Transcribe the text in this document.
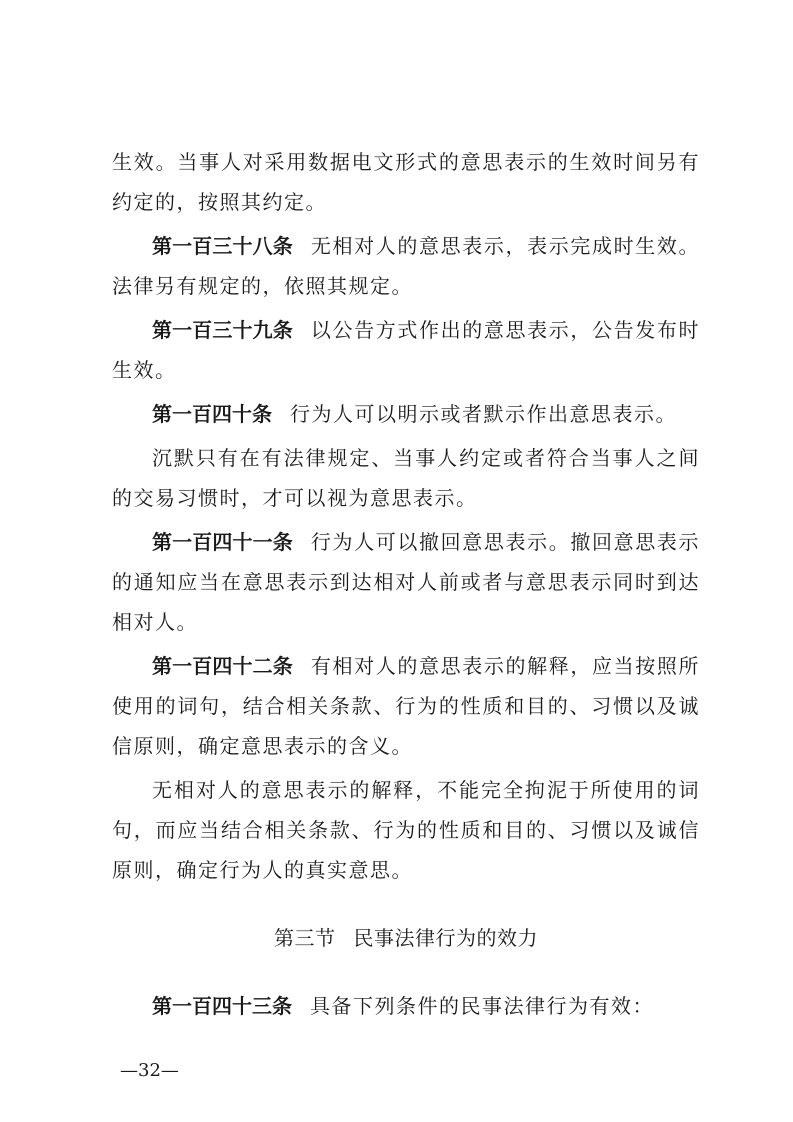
生效。当事人对采用数据电文形式的意思表示的生效时间另有约定的，按照其约定。

第一百三十八条 无相对人的意思表示，表示完成时生效。法律另有规定的，依照其规定。

第一百三十九条 以公告方式作出的意思表示，公告发布时生效。

第一百四十条 行为人可以明示或者默示作出意思表示。

沉默只有在有法律规定、当事人约定或者符合当事人之间的交易习惯时，才可以视为意思表示。

第一百四十一条 行为人可以撤回意思表示。撤回意思表示的通知应当在意思表示到达相对人前或者与意思表示同时到达相对人。

第一百四十二条 有相对人的意思表示的解释，应当按照所使用的词句，结合相关条款、行为的性质和目的、习惯以及诚信原则，确定意思表示的含义。

无相对人的意思表示的解释，不能完全拘泥于所使用的词句，而应当结合相关条款、行为的性质和目的、习惯以及诚信原则，确定行为人的真实意思。

第三节 民事法律行为的效力

第一百四十三条 具备下列条件的民事法律行为有效：

—32—
